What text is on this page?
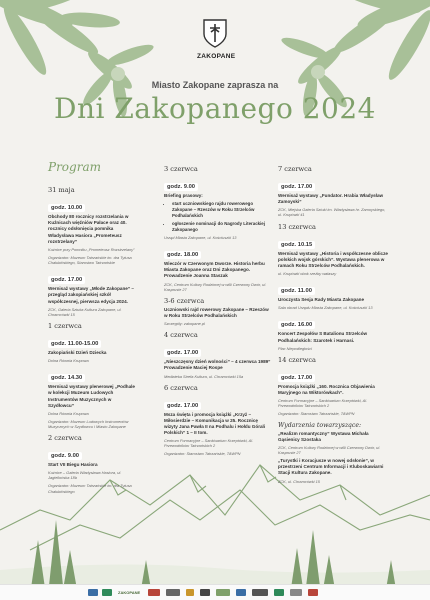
ZAKOPANE
Miasto Zakopane zaprasza na
Dni Zakopanego 2024
Program
31 maja
godz. 10.00
Obchody 80 rocznicy rozstrzelania w Kuźnicach więźniów Pałace oraz 40. rocznicy odsłonięcia pomnika Władysława Hasiora „Prometeusz rozstrzelany”
Kuźnice przy Pomniku „Prometeusz Rozstrzelany”
Organizator: Muzeum Tatrzańskie im. dra Tytusa Chałubińskiego, Starostwo Tatrzańskie
godz. 17.00
Wernisaż wystawy „Młode Zakopane” – przegląd zakopiańskiej szkół współczesnej, pierwsza edycja 2024.
ZCK, Galeria Sztuka Kultura Zakopane, ul. Chramcówki 15
1 czerwca
godz. 11.00-15.00
Zakopiański Dzień Dziecka
Dolna Równia Krupowa
godz. 14.30
Wernisaż wystawy plenerowej „Podhale w kolekcji Muzeum Ludowych Instrumentów Muzycznych w Szydłowcu”
Dolna Równia Krupowa
Organizator: Muzeum Ludowych Instrumentów Muzycznych w Szydłowcu i Miasto Zakopane
2 czerwca
godz. 9.00
Start VII Biegu Hasiora
Kuźnice – Galeria Władysława Hasiora, ul. Jagiellońska 18b
Organizator: Muzeum Tatrzańskie im. dra Tytusa Chałubińskiego
3 czerwca
godz. 9.00
Briefing prasowy:
• start uczniowskiego rajdu rowerowego Zakopane – Rzeszów w Roku Strzelców Podhalańskich
• ogłoszenie nominacji do Nagrody Literackiej Zakopanego
Urząd Miasta Zakopane, ul. Kościuszki 13
godz. 18.00
Wieczór w Czerwonym Dworze. Historia herbu Miasta Zakopane oraz Dni Zakopanego. Prowadzenie Joanna Staszak
ZCK, Centrum Kultury Rodzinnej w willi Czerwony Dwór, ul. Kasprusie 27
3-6 czerwca
Uczniowski rajd rowerowy Zakopane – Rzeszów w Roku Strzelców Podhalańskich
Szczegóły: zakopane.pl
4 czerwca
godz. 17.00
„Nieszczęsny dzień wolności” – 4 czerwca 1989” Prowadzenie Maciej Rospe
Mediateka Strefa Kultura, ul. Chramcówki 15a
6 czerwca
godz. 17.00
Msza święta i promocja książki „Krzyż – Miłosierdzie – Komunikacja w 25. Rocznicę wizyty Jana Pawła II na Podhalu i Hołdu Górali Polskich” 1 – II tom.
Centrum Formacyjne – Sanktuarium Krzeptówki, Al. Przewodników Tatrzańskich 2
Organizator: Starostwo Tatrzańskie, TAWPN
7 czerwca
godz. 17.00
Wernisaż wystawy „Fundator. Hrabia Władysław Zamoyski”
ZCK, Miejska Galeria Sztuki im. Władysława hr. Zamoyskiego, ul. Krupówki 41
13 czerwca
godz. 10.15
Wernisaż wystawy „Historia i współczesne oblicze polskich wojsk górskich”. Wystawa plenerowa w ramach Roku Strzelców Podhalańskich.
ul. Krupówki obok rzeźby wałaszy
godz. 11.00
Uroczysta Sesja Rady Miasta Zakopane
Sala obrad Urzędu Miasta Zakopane, ul. Kościuszki 13
godz. 16.00
Koncert Zespołów S Batalionu Strzelców Podhalańskich: Szarotek i Harnasi.
Plac Niepodległości
14 czerwca
godz. 17.00
Promocja książki „160. Rocznica Objawienia Maryjnego na Wiktorówkach”.
Centrum Formacyjne – Sanktuarium Krzeptówki, Al. Przewodników Tatrzańskich 2
Organizator: Starostwo Tatrzańskie, TAWPN
Wydarzenia towarzyszące:
„Realizm romantyczny” Wystawa Michała Gąsienicy Szostaka
ZCK, Centrum Kultury Rodzinnej w willi Czerwony Dwór, ul. Kasprusie 27
„Turystki i Koracjusze w nowej odsłonie”, w przestrzeni Centrum Informacji i Kluboskawiarni Stacji Kultura Zakopane.
ZCK, ul. Chramcówki 15
ZAKOPANE
